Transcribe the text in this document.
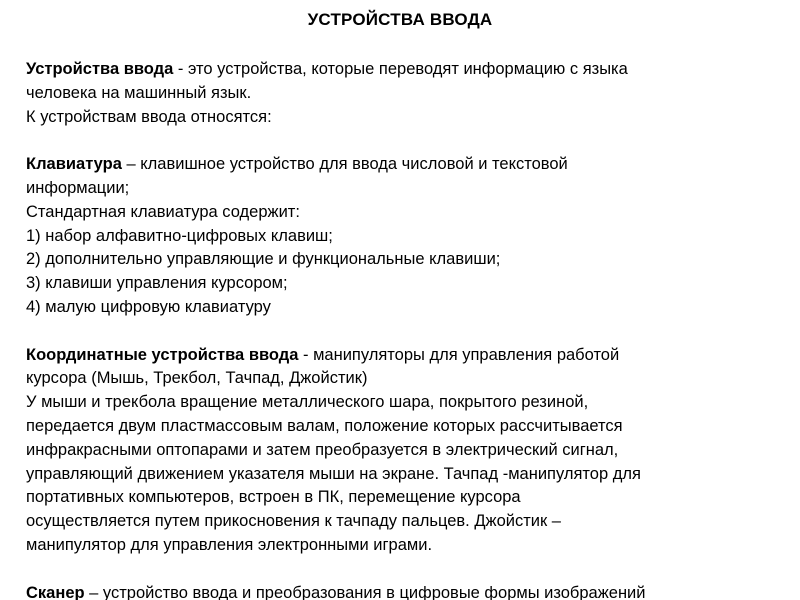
УСТРОЙСТВА ВВОДА
Устройства ввода - это устройства, которые переводят информацию с языка
человека на машинный язык.
К устройствам ввода относятся:
Клавиатура – клавишное устройство для ввода числовой и текстовой
информации;
Стандартная клавиатура содержит:
1) набор алфавитно-цифровых клавиш;
2) дополнительно управляющие и функциональные клавиши;
3) клавиши управления курсором;
4) малую цифровую клавиатуру
Координатные устройства ввода - манипуляторы для управления работой
курсора (Мышь, Трекбол, Тачпад, Джойстик)
У мыши и трекбола вращение металлического шара, покрытого резиной,
передается двум пластмассовым валам, положение которых рассчитывается
инфракрасными оптопарами и затем преобразуется в электрический сигнал,
управляющий движением указателя мыши на экране. Тачпад -манипулятор для
портативных компьютеров, встроен в ПК, перемещение курсора
осуществляется путем прикосновения к тачпаду пальцев. Джойстик –
манипулятор для управления электронными играми.
Сканер – устройство ввода и преобразования в цифровые формы изображений
